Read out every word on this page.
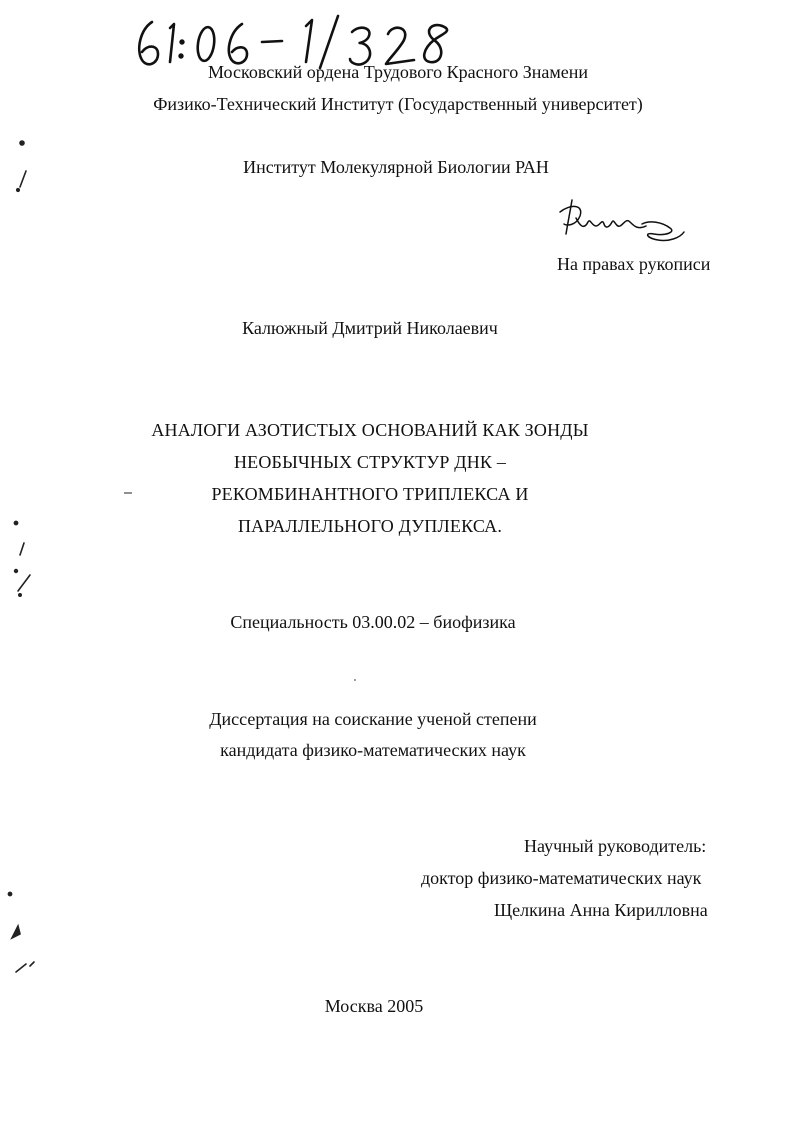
Московский ордена Трудового Красного Знамени
Физико-Технический Институт (Государственный университет)
Институт Молекулярной Биологии РАН
На правах рукописи
Калюжный Дмитрий Николаевич
АНАЛОГИ АЗОТИСТЫХ ОСНОВАНИЙ КАК ЗОНДЫ
НЕОБЫЧНЫХ СТРУКТУР ДНК –
РЕКОМБИНАНТНОГО ТРИПЛЕКСА И
ПАРАЛЛЕЛЬНОГО ДУПЛЕКСА.
Специальность 03.00.02 – биофизика
Диссертация на соискание ученой степени
кандидата физико-математических наук
Научный руководитель:
доктор физико-математических наук
Щелкина Анна Кирилловна
Москва 2005
